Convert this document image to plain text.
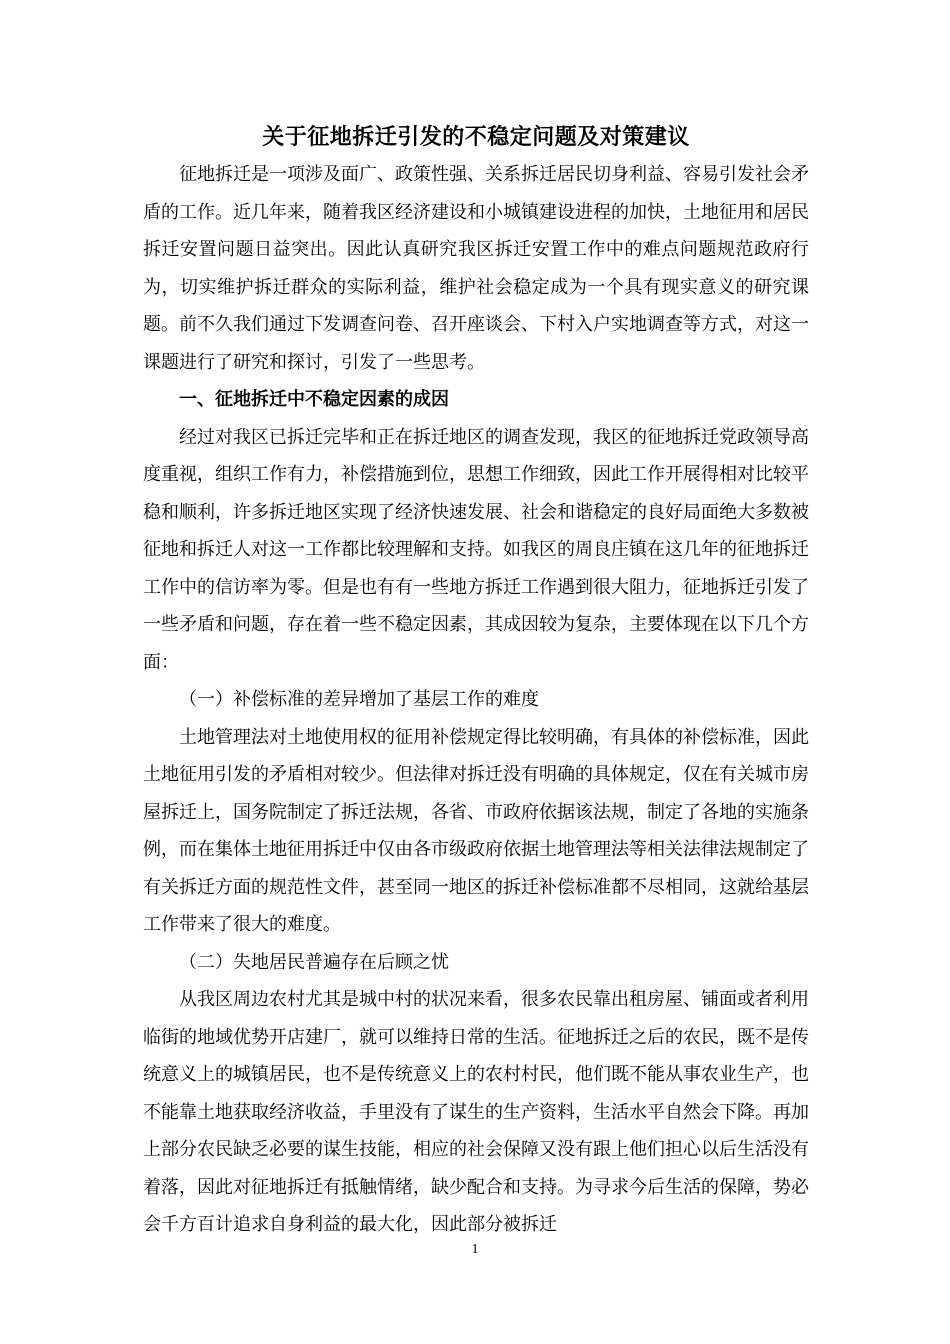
关于征地拆迁引发的不稳定问题及对策建议

征地拆迁是一项涉及面广、政策性强、关系拆迁居民切身利益、容易引发社会矛盾的工作。近几年来，随着我区经济建设和小城镇建设进程的加快，土地征用和居民拆迁安置问题日益突出。因此认真研究我区拆迁安置工作中的难点问题规范政府行为，切实维护拆迁群众的实际利益，维护社会稳定成为一个具有现实意义的研究课题。前不久我们通过下发调查问卷、召开座谈会、下村入户实地调查等方式，对这一课题进行了研究和探讨，引发了一些思考。

一、征地拆迁中不稳定因素的成因

经过对我区已拆迁完毕和正在拆迁地区的调查发现，我区的征地拆迁党政领导高度重视，组织工作有力，补偿措施到位，思想工作细致，因此工作开展得相对比较平稳和顺利，许多拆迁地区实现了经济快速发展、社会和谐稳定的良好局面绝大多数被征地和拆迁人对这一工作都比较理解和支持。如我区的周良庄镇在这几年的征地拆迁工作中的信访率为零。但是也有有一些地方拆迁工作遇到很大阻力，征地拆迁引发了一些矛盾和问题，存在着一些不稳定因素，其成因较为复杂，主要体现在以下几个方面：

（一）补偿标准的差异增加了基层工作的难度

土地管理法对土地使用权的征用补偿规定得比较明确，有具体的补偿标准，因此土地征用引发的矛盾相对较少。但法律对拆迁没有明确的具体规定，仅在有关城市房屋拆迁上，国务院制定了拆迁法规，各省、市政府依据该法规，制定了各地的实施条例，而在集体土地征用拆迁中仅由各市级政府依据土地管理法等相关法律法规制定了有关拆迁方面的规范性文件，甚至同一地区的拆迁补偿标准都不尽相同，这就给基层工作带来了很大的难度。

（二）失地居民普遍存在后顾之忧

从我区周边农村尤其是城中村的状况来看，很多农民靠出租房屋、铺面或者利用临街的地域优势开店建厂，就可以维持日常的生活。征地拆迁之后的农民，既不是传统意义上的城镇居民，也不是传统意义上的农村村民，他们既不能从事农业生产，也不能靠土地获取经济收益，手里没有了谋生的生产资料，生活水平自然会下降。再加上部分农民缺乏必要的谋生技能，相应的社会保障又没有跟上他们担心以后生活没有着落，因此对征地拆迁有抵触情绪，缺少配合和支持。为寻求今后生活的保障，势必会千方百计追求自身利益的最大化，因此部分被拆迁

1
